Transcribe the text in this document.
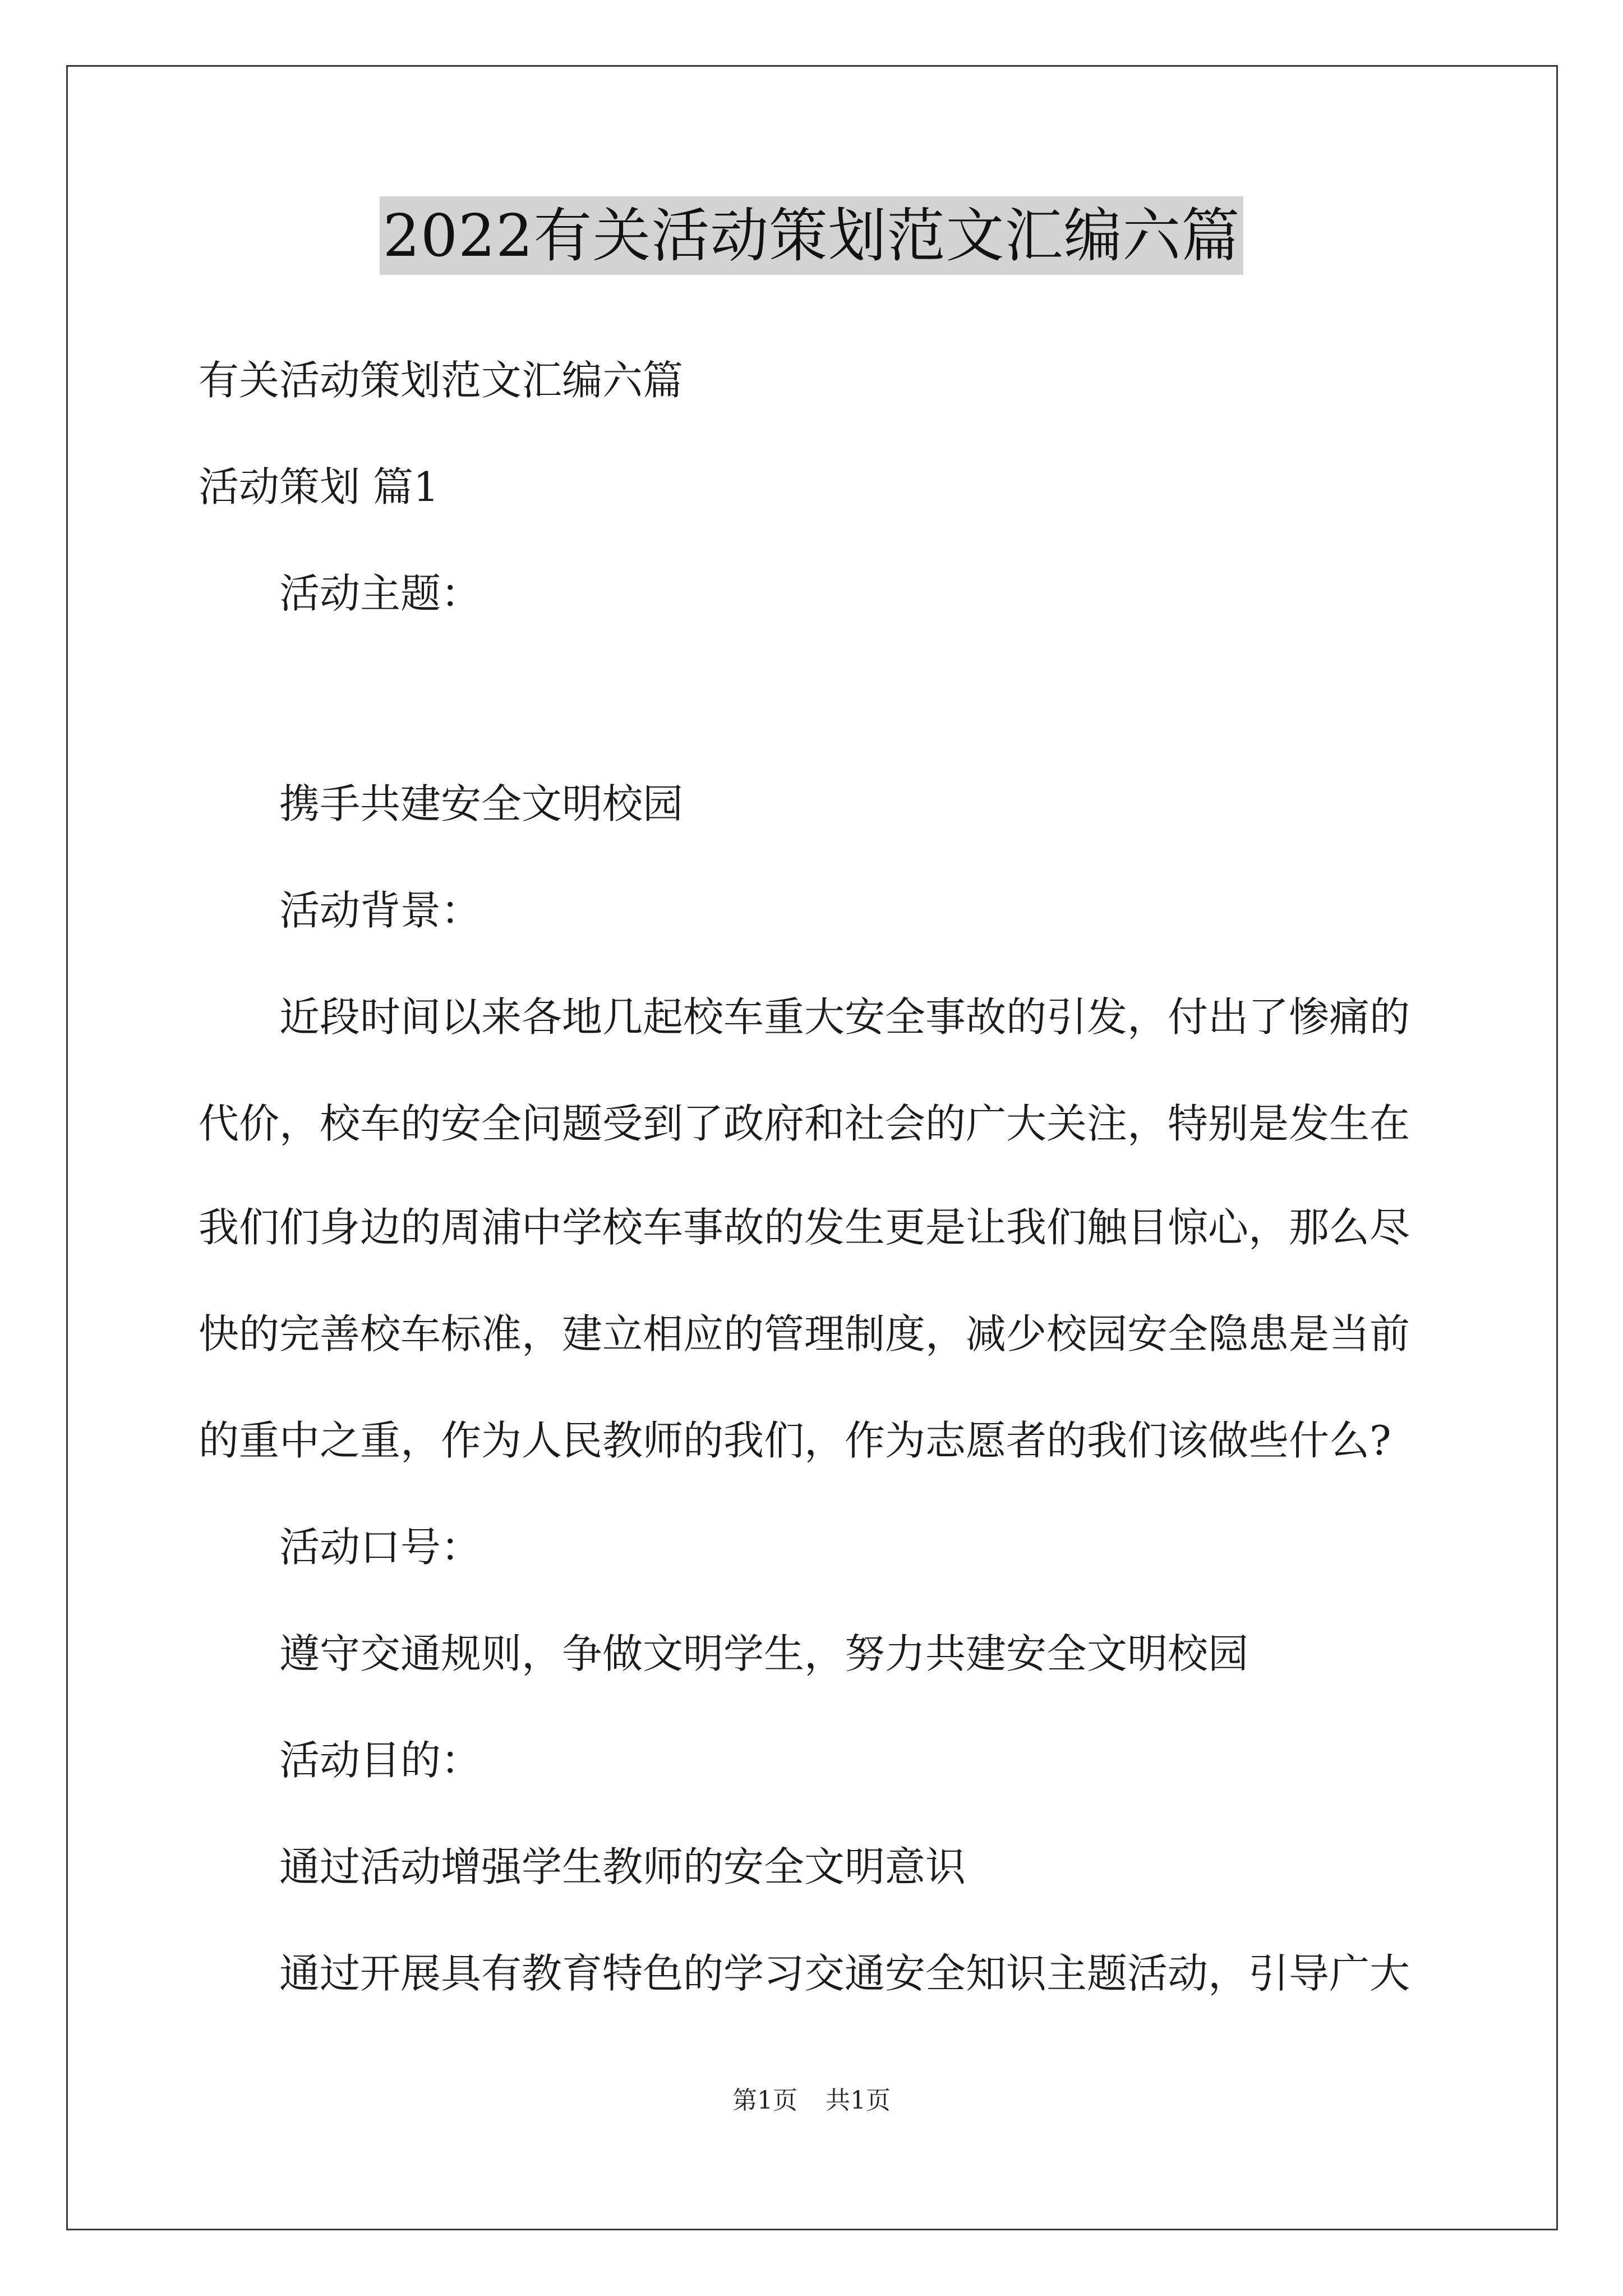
2022有关活动策划范文汇编六篇
有关活动策划范文汇编六篇
活动策划 篇1
活动主题：
携手共建安全文明校园
活动背景：
近段时间以来各地几起校车重大安全事故的引发，付出了惨痛的
代价，校车的安全问题受到了政府和社会的广大关注，特别是发生在
我们们身边的周浦中学校车事故的发生更是让我们触目惊心，那么尽
快的完善校车标准，建立相应的管理制度，减少校园安全隐患是当前
的重中之重，作为人民教师的我们，作为志愿者的我们该做些什么?
活动口号：
遵守交通规则，争做文明学生，努力共建安全文明校园
活动目的：
通过活动增强学生教师的安全文明意识
通过开展具有教育特色的学习交通安全知识主题活动，引导广大
第1页 共1页
